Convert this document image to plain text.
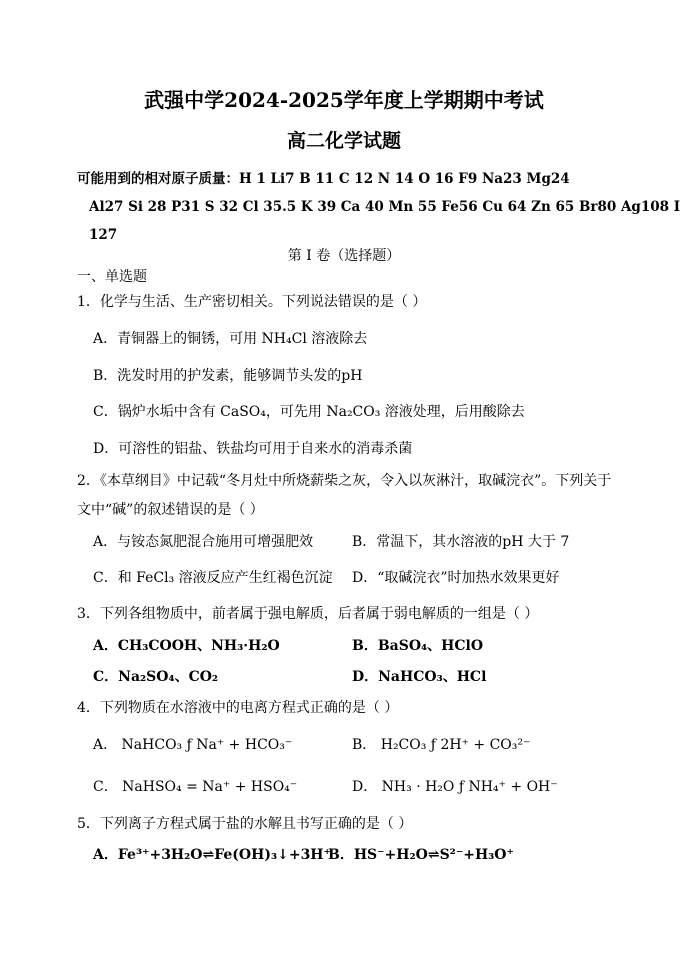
武强中学2024-2025学年度上学期期中考试
高二化学试题
可能用到的相对原子质量：H 1 Li7 B 11 C 12 N 14 O 16 F9 Na23 Mg24
Al27 Si 28 P31 S 32 Cl 35.5 K 39 Ca 40 Mn 55 Fe56 Cu 64 Zn 65 Br80 Ag108 I
127
第 I 卷（选择题）
一、单选题
1．化学与生活、生产密切相关。下列说法错误的是（ ）
A．青铜器上的铜锈，可用 NH₄Cl 溶液除去
B．洗发时用的护发素，能够调节头发的pH
C．锅炉水垢中含有 CaSO₄，可先用 Na₂CO₃ 溶液处理，后用酸除去
D．可溶性的铝盐、铁盐均可用于自来水的消毒杀菌
2．《本草纲目》中记载“冬月灶中所烧薪柴之灰，令入以灰淋汁，取碱浣衣”。下列关于
文中“碱”的叙述错误的是（ ）
A．与铵态氮肥混合施用可增强肥效	B．常温下，其水溶液的pH 大于 7
C．和 FeCl₃ 溶液反应产生红褐色沉淀 D．“取碱浣衣”时加热水效果更好
3．下列各组物质中，前者属于强电解质，后者属于弱电解质的一组是（ ）
A．CH₃COOH、NH₃·H₂O	B．BaSO₄、HClO
C．Na₂SO₄、CO₂	D．NaHCO₃、HCl
4．下列物质在水溶液中的电离方程式正确的是（ ）
A． NaHCO₃ ƒ Na⁺ + HCO₃⁻	B． H₂CO₃ ƒ 2H⁺ + CO₃²⁻
C． NaHSO₄ = Na⁺ + HSO₄⁻	D． NH₃ · H₂O ƒ NH₄⁺ + OH⁻
5．下列离子方程式属于盐的水解且书写正确的是（ ）
A．Fe³⁺+3H₂O⇌Fe(OH)₃↓+3H⁺
B．HS⁻+H₂O⇌S²⁻+H₃O⁺
